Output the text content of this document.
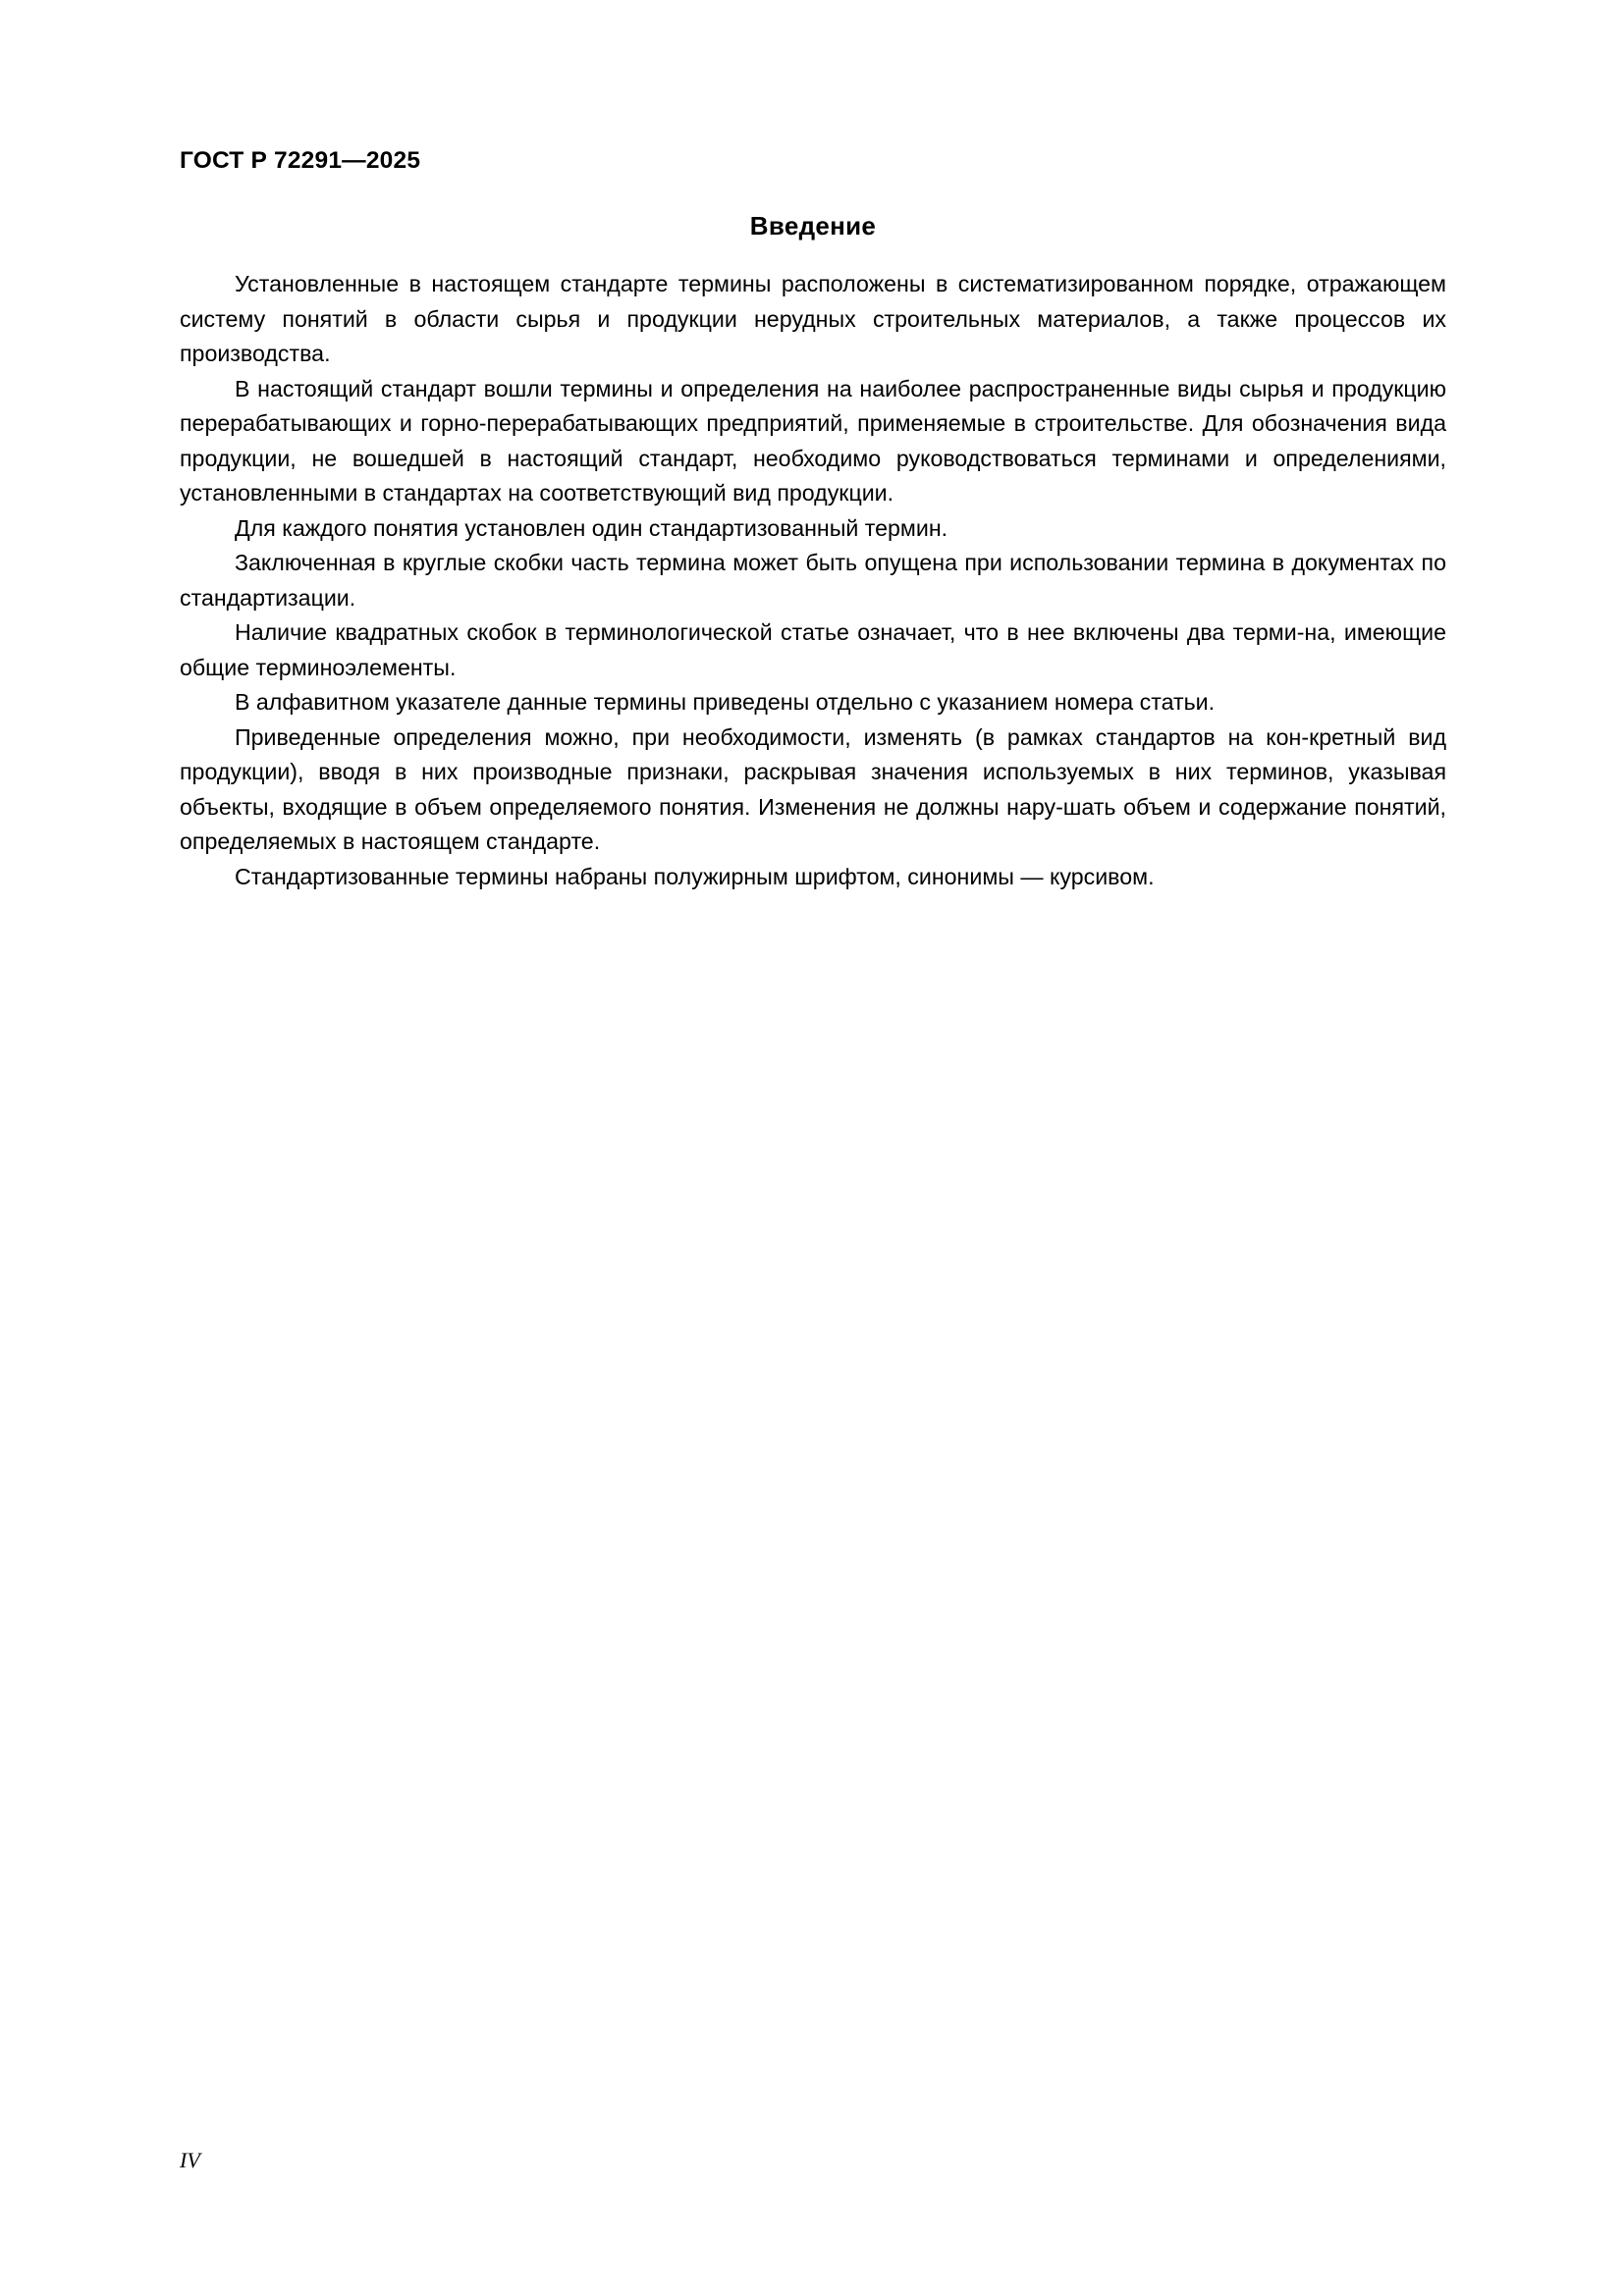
ГОСТ Р 72291—2025
Введение

Установленные в настоящем стандарте термины расположены в систематизированном порядке, отражающем систему понятий в области сырья и продукции нерудных строительных материалов, а также процессов их производства.

В настоящий стандарт вошли термины и определения на наиболее распространенные виды сырья и продукцию перерабатывающих и горно-перерабатывающих предприятий, применяемые в строительстве. Для обозначения вида продукции, не вошедшей в настоящий стандарт, необходимо руководствоваться терминами и определениями, установленными в стандартах на соответствующий вид продукции.

Для каждого понятия установлен один стандартизованный термин.

Заключенная в круглые скобки часть термина может быть опущена при использовании термина в документах по стандартизации.

Наличие квадратных скобок в терминологической статье означает, что в нее включены два терми-на, имеющие общие терминоэлементы.

В алфавитном указателе данные термины приведены отдельно с указанием номера статьи.

Приведенные определения можно, при необходимости, изменять (в рамках стандартов на кон-кретный вид продукции), вводя в них производные признаки, раскрывая значения используемых в них терминов, указывая объекты, входящие в объем определяемого понятия. Изменения не должны нару-шать объем и содержание понятий, определяемых в настоящем стандарте.

Стандартизованные термины набраны полужирным шрифтом, синонимы — курсивом.

IV
